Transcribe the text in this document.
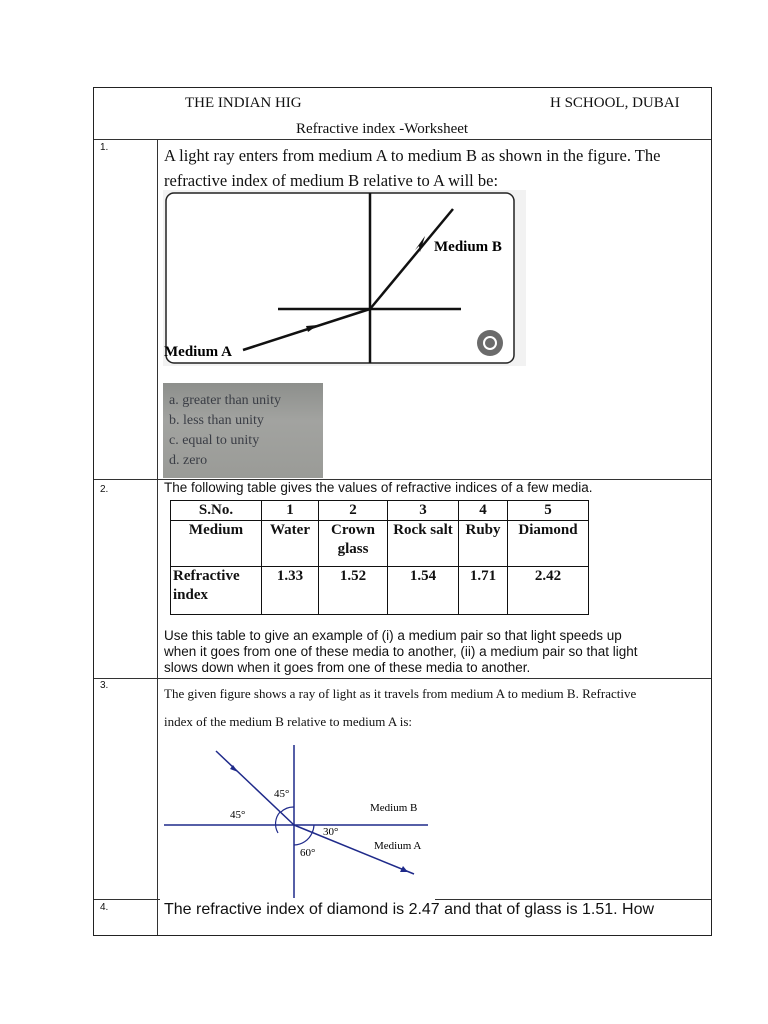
THE INDIAN HIG	H SCHOOL, DUBAI
Refractive index -Worksheet
1.	A light ray enters from medium A to medium B as shown in the figure. The
refractive index of medium B relative to A will be:
Medium B
Medium A
a. greater than unity
b. less than unity
c. equal to unity
d. zero
2.	The following table gives the values of refractive indices of a few media.
S.No.	1	2	3	4	5
Medium	Water	Crown glass	Rock salt	Ruby	Diamond
Refractive index	1.33	1.52	1.54	1.71	2.42
Use this table to give an example of (i) a medium pair so that light speeds up
when it goes from one of these media to another, (ii) a medium pair so that light
slows down when it goes from one of these media to another.
3.
The given figure shows a ray of light as it travels from medium A to medium B. Refractive
index of the medium B relative to medium A is:
45°
45°
30°
60°
Medium B
Medium A
4.	The refractive index of diamond is 2.47 and that of glass is 1.51. How
